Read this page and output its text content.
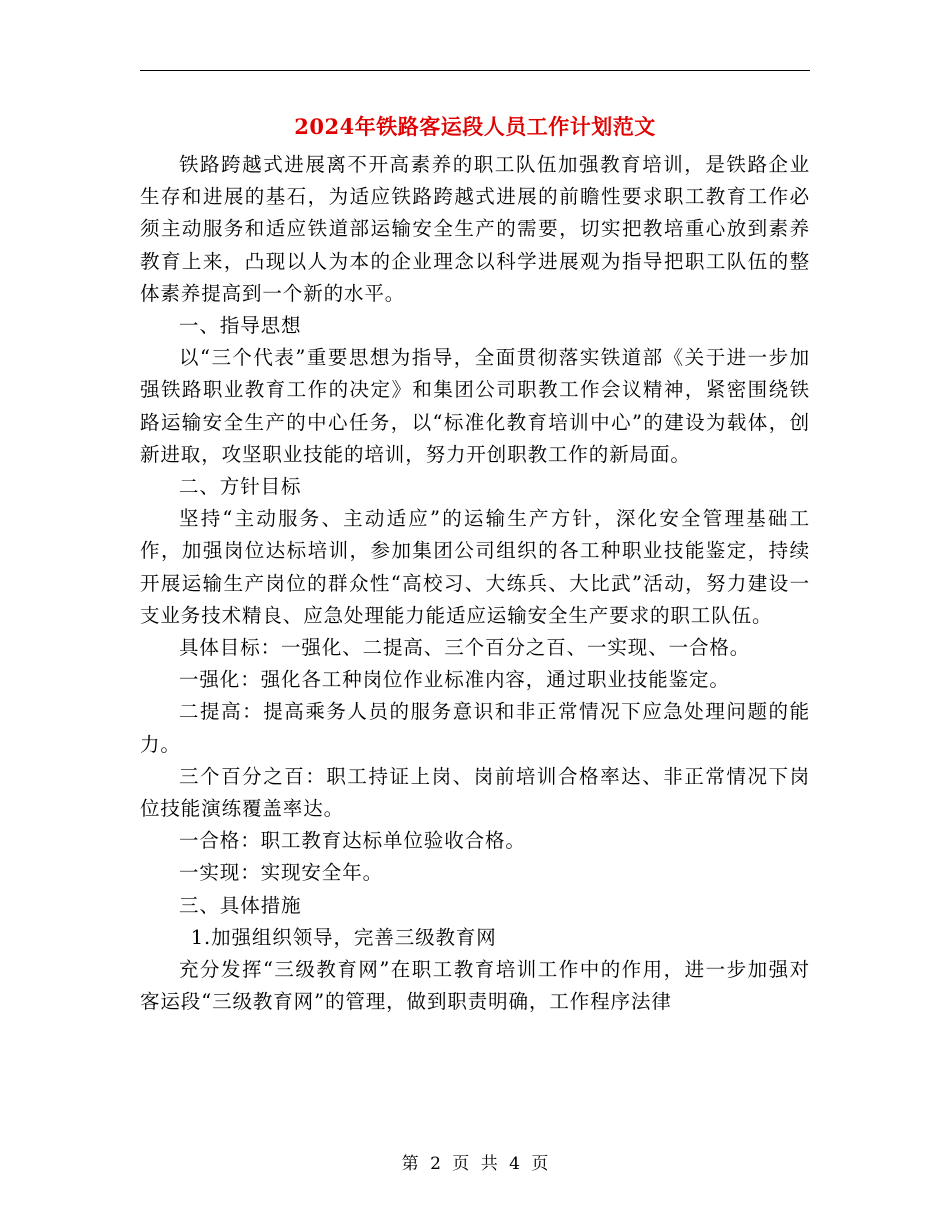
2024年铁路客运段人员工作计划范文

铁路跨越式进展离不开高素养的职工队伍加强教育培训，是铁路企业生存和进展的基石，为适应铁路跨越式进展的前瞻性要求职工教育工作必须主动服务和适应铁道部运输安全生产的需要，切实把教培重心放到素养教育上来，凸现以人为本的企业理念以科学进展观为指导把职工队伍的整体素养提高到一个新的水平。

一、指导思想

以“三个代表”重要思想为指导，全面贯彻落实铁道部《关于进一步加强铁路职业教育工作的决定》和集团公司职教工作会议精神，紧密围绕铁路运输安全生产的中心任务，以“标准化教育培训中心”的建设为载体，创新进取，攻坚职业技能的培训，努力开创职教工作的新局面。

二、方针目标

坚持“主动服务、主动适应”的运输生产方针，深化安全管理基础工作，加强岗位达标培训，参加集团公司组织的各工种职业技能鉴定，持续开展运输生产岗位的群众性“高校习、大练兵、大比武”活动，努力建设一支业务技术精良、应急处理能力能适应运输安全生产要求的职工队伍。

具体目标：一强化、二提高、三个百分之百、一实现、一合格。

一强化：强化各工种岗位作业标准内容，通过职业技能鉴定。

二提高：提高乘务人员的服务意识和非正常情况下应急处理问题的能力。

三个百分之百：职工持证上岗、岗前培训合格率达、非正常情况下岗位技能演练覆盖率达。

一合格：职工教育达标单位验收合格。

一实现：实现安全年。

三、具体措施

1.加强组织领导，完善三级教育网

充分发挥“三级教育网”在职工教育培训工作中的作用，进一步加强对客运段“三级教育网”的管理，做到职责明确，工作程序法律

第 2 页 共 4 页
